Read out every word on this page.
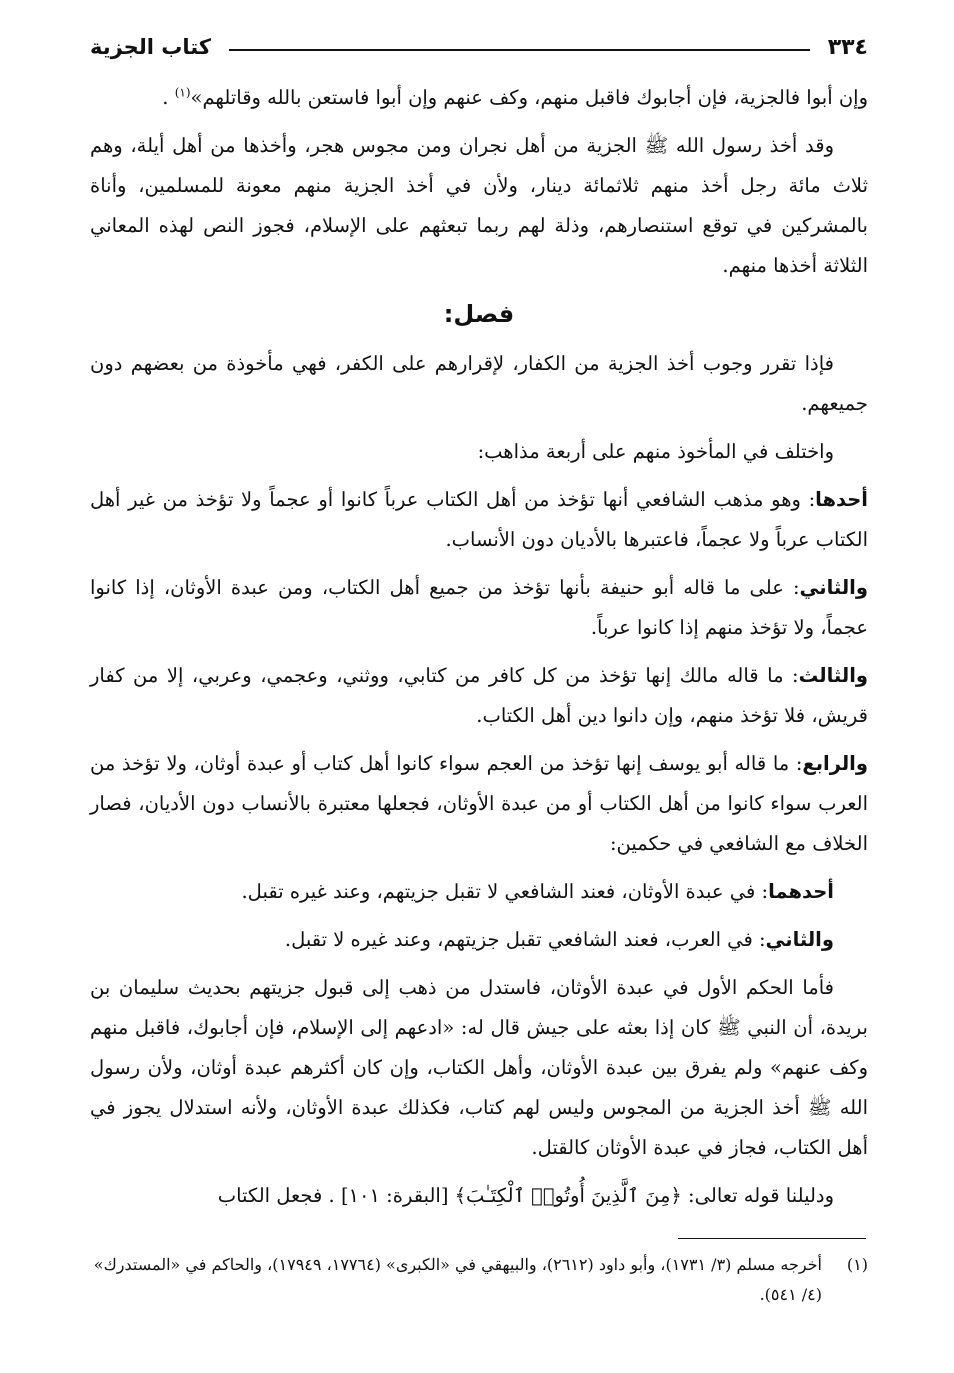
٣٣٤
كتاب الجزية

وإن أبوا فالجزية، فإن أجابوك فاقبل منهم، وكف عنهم وإن أبوا فاستعن بالله وقاتلهم»$^{(١)}$ .

وقد أخذ رسول الله ﷺ الجزية من أهل نجران ومن مجوس هجر، وأخذها من أهل أيلة، وهم ثلاث مائة رجل أخذ منهم ثلاثمائة دينار، ولأن في أخذ الجزية منهم معونة للمسلمين، وأناة بالمشركين في توقع استنصارهم، وذلة لهم ربما تبعثهم على الإسلام، فجوز النص لهذه المعاني الثلاثة أخذها منهم.

فصل:

فإذا تقرر وجوب أخذ الجزية من الكفار، لإقرارهم على الكفر، فهي مأخوذة من بعضهم دون جميعهم.

واختلف في المأخوذ منهم على أربعة مذاهب:

أحدها: وهو مذهب الشافعي أنها تؤخذ من أهل الكتاب عرباً كانوا أو عجماً ولا تؤخذ من غير أهل الكتاب عرباً ولا عجماً، فاعتبرها بالأديان دون الأنساب.

والثاني: على ما قاله أبو حنيفة بأنها تؤخذ من جميع أهل الكتاب، ومن عبدة الأوثان، إذا كانوا عجماً، ولا تؤخذ منهم إذا كانوا عرباً.

والثالث: ما قاله مالك إنها تؤخذ من كل كافر من كتابي، ووثني، وعجمي، وعربي، إلا من كفار قريش، فلا تؤخذ منهم، وإن دانوا دين أهل الكتاب.

والرابع: ما قاله أبو يوسف إنها تؤخذ من العجم سواء كانوا أهل كتاب أو عبدة أوثان، ولا تؤخذ من العرب سواء كانوا من أهل الكتاب أو من عبدة الأوثان، فجعلها معتبرة بالأنساب دون الأديان، فصار الخلاف مع الشافعي في حكمين:

أحدهما: في عبدة الأوثان، فعند الشافعي لا تقبل جزيتهم، وعند غيره تقبل.

والثاني: في العرب، فعند الشافعي تقبل جزيتهم، وعند غيره لا تقبل.

فأما الحكم الأول في عبدة الأوثان، فاستدل من ذهب إلى قبول جزيتهم بحديث سليمان بن بريدة، أن النبي ﷺ كان إذا بعثه على جيش قال له: «ادعهم إلى الإسلام، فإن أجابوك، فاقبل منهم وكف عنهم» ولم يفرق بين عبدة الأوثان، وأهل الكتاب، وإن كان أكثرهم عبدة أوثان، ولأن رسول الله ﷺ أخذ الجزية من المجوس وليس لهم كتاب، فكذلك عبدة الأوثان، ولأنه استدلال يجوز في أهل الكتاب، فجاز في عبدة الأوثان كالقتل.

ودليلنا قوله تعالى: ﴿مِنَ ٱلَّذِينَ أُوتُوا۟ ٱلْكِتَـٰبَ﴾ [البقرة: ١٠١] . فجعل الكتاب

(١)
أخرجه مسلم (٣/ ١٧٣١)، وأبو داود (٢٦١٢)، والبيهقي في «الكبرى» (١٧٧٦٤، ١٧٩٤٩)، والحاكم في «المستدرك» (٤/ ٥٤١).
